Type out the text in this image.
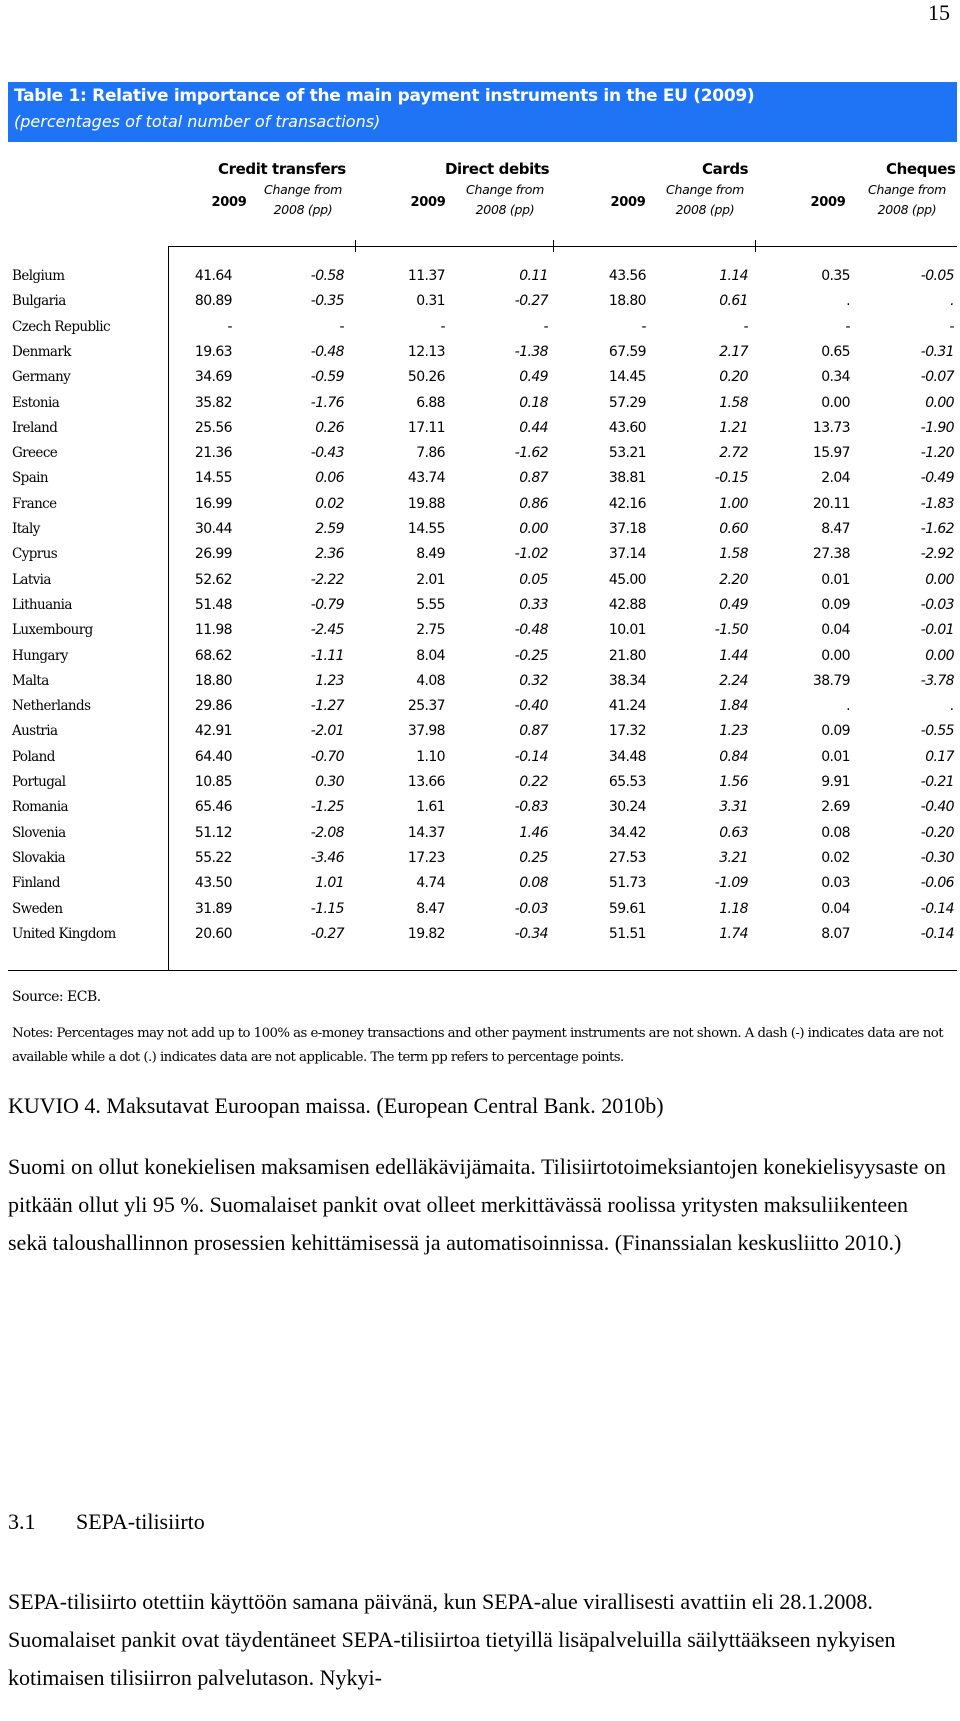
15
Table 1: Relative importance of the main payment instruments in the EU (2009)
(percentages of total number of transactions)
Credit transfers	Direct debits	Cards	Cheques
2009
Change from 2008 (pp)	2009
Change from 2008 (pp)	2009
Change from 2008 (pp)	2009
Change from 2008 (pp)
Belgium	41.64	-0.58	11.37	0.11	43.56	1.14	0.35	-0.05
Bulgaria	80.89	-0.35	0.31	-0.27	18.80	0.61	.	.
Czech Republic	-	-	-	-	-	-	-	-
Denmark	19.63	-0.48	12.13	-1.38	67.59	2.17	0.65	-0.31
Germany	34.69	-0.59	50.26	0.49	14.45	0.20	0.34	-0.07
Estonia	35.82	-1.76	6.88	0.18	57.29	1.58	0.00	0.00
Ireland	25.56	0.26	17.11	0.44	43.60	1.21	13.73	-1.90
Greece	21.36	-0.43	7.86	-1.62	53.21	2.72	15.97	-1.20
Spain	14.55	0.06	43.74	0.87	38.81	-0.15	2.04	-0.49
France	16.99	0.02	19.88	0.86	42.16	1.00	20.11	-1.83
Italy	30.44	2.59	14.55	0.00	37.18	0.60	8.47	-1.62
Cyprus	26.99	2.36	8.49	-1.02	37.14	1.58	27.38	-2.92
Latvia	52.62	-2.22	2.01	0.05	45.00	2.20	0.01	0.00
Lithuania	51.48	-0.79	5.55	0.33	42.88	0.49	0.09	-0.03
Luxembourg	11.98	-2.45	2.75	-0.48	10.01	-1.50	0.04	-0.01
Hungary	68.62	-1.11	8.04	-0.25	21.80	1.44	0.00	0.00
Malta	18.80	1.23	4.08	0.32	38.34	2.24	38.79	-3.78
Netherlands	29.86	-1.27	25.37	-0.40	41.24	1.84	.	.
Austria	42.91	-2.01	37.98	0.87	17.32	1.23	0.09	-0.55
Poland	64.40	-0.70	1.10	-0.14	34.48	0.84	0.01	0.17
Portugal	10.85	0.30	13.66	0.22	65.53	1.56	9.91	-0.21
Romania	65.46	-1.25	1.61	-0.83	30.24	3.31	2.69	-0.40
Slovenia	51.12	-2.08	14.37	1.46	34.42	0.63	0.08	-0.20
Slovakia	55.22	-3.46	17.23	0.25	27.53	3.21	0.02	-0.30
Finland	43.50	1.01	4.74	0.08	51.73	-1.09	0.03	-0.06
Sweden	31.89	-1.15	8.47	-0.03	59.61	1.18	0.04	-0.14
United Kingdom	20.60	-0.27	19.82	-0.34	51.51	1.74	8.07	-0.14
Source: ECB.
Notes: Percentages may not add up to 100% as e-money transactions and other payment instruments are not shown. A dash (-) indicates data are not available while a dot (.) indicates data are not applicable. The term pp refers to percentage points.
KUVIO 4. Maksutavat Euroopan maissa. (European Central Bank. 2010b)
Suomi on ollut konekielisen maksamisen edelläkävijämaita. Tilisiirtotoimeksiantojen konekielisyysaste on pitkään ollut yli 95 %. Suomalaiset pankit ovat olleet merkittävässä roolissa yritysten maksuliikenteen sekä taloushallinnon prosessien kehittämisessä ja automatisoinnissa. (Finanssialan keskusliitto 2010.)
3.1 SEPA-tilisiirto
SEPA-tilisiirto otettiin käyttöön samana päivänä, kun SEPA-alue virallisesti avattiin eli 28.1.2008. Suomalaiset pankit ovat täydentäneet SEPA-tilisiirtoa tietyillä lisäpalveluilla säilyttääkseen nykyisen kotimaisen tilisiirron palvelutason. Nykyi-
